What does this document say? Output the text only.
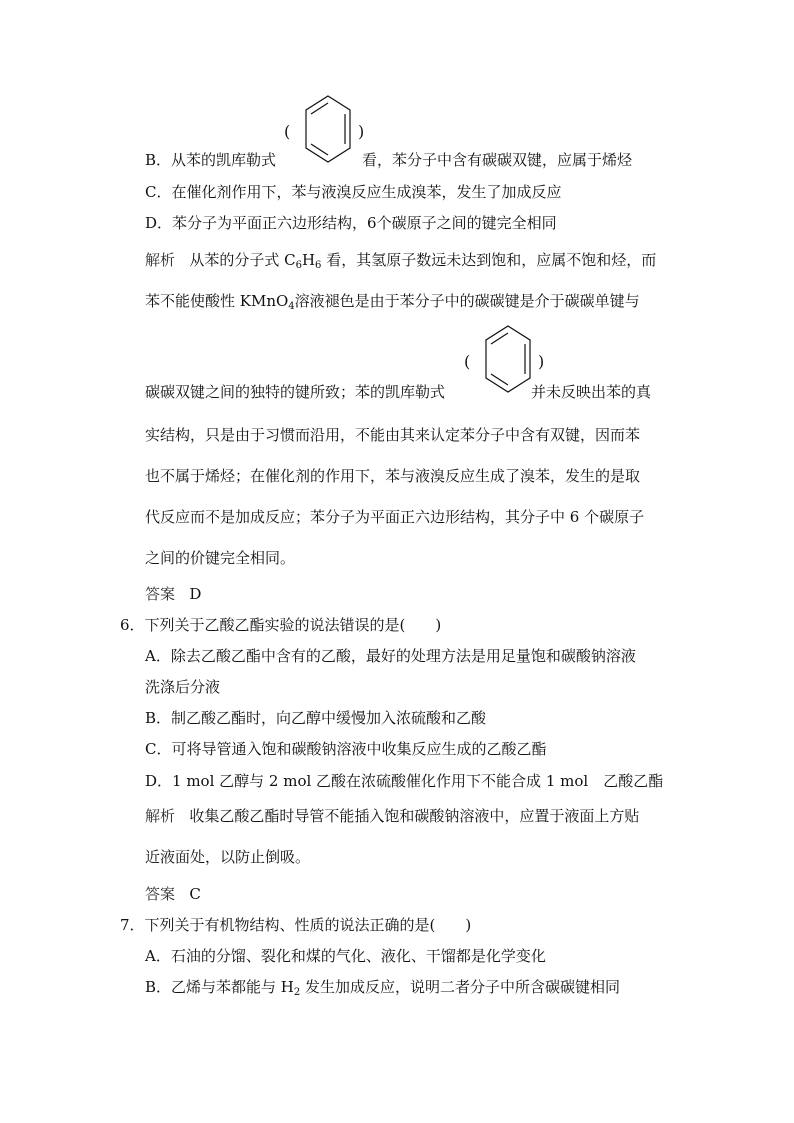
(	)
B．从苯的凯库勒式	看，苯分子中含有碳碳双键，应属于烯烃
C．在催化剂作用下，苯与液溴反应生成溴苯，发生了加成反应
D．苯分子为平面正六边形结构，6个碳原子之间的键完全相同
解析 从苯的分子式 $C_6H_6$ 看，其氢原子数远未达到饱和，应属不饱和烃，而
苯不能使酸性 KMnO$_4$溶液褪色是由于苯分子中的碳碳键是介于碳碳单键与
(	)
碳碳双键之间的独特的键所致；苯的凯库勒式	并未反映出苯的真
实结构，只是由于习惯而沿用，不能由其来认定苯分子中含有双键，因而苯
也不属于烯烃；在催化剂的作用下，苯与液溴反应生成了溴苯，发生的是取
代反应而不是加成反应；苯分子为平面正六边形结构，其分子中 6 个碳原子
之间的价键完全相同。
答案 D
6．下列关于乙酸乙酯实验的说法错误的是(　　)
A．除去乙酸乙酯中含有的乙酸，最好的处理方法是用足量饱和碳酸钠溶液
洗涤后分液
B．制乙酸乙酯时，向乙醇中缓慢加入浓硫酸和乙酸
C．可将导管通入饱和碳酸钠溶液中收集反应生成的乙酸乙酯
D．1 mol 乙醇与 2 mol 乙酸在浓硫酸催化作用下不能合成 1 mol　乙酸乙酯
解析 收集乙酸乙酯时导管不能插入饱和碳酸钠溶液中，应置于液面上方贴
近液面处，以防止倒吸。
答案 C
7．下列关于有机物结构、性质的说法正确的是(　　)
A．石油的分馏、裂化和煤的气化、液化、干馏都是化学变化
B．乙烯与苯都能与 $H_2$ 发生加成反应，说明二者分子中所含碳碳键相同
